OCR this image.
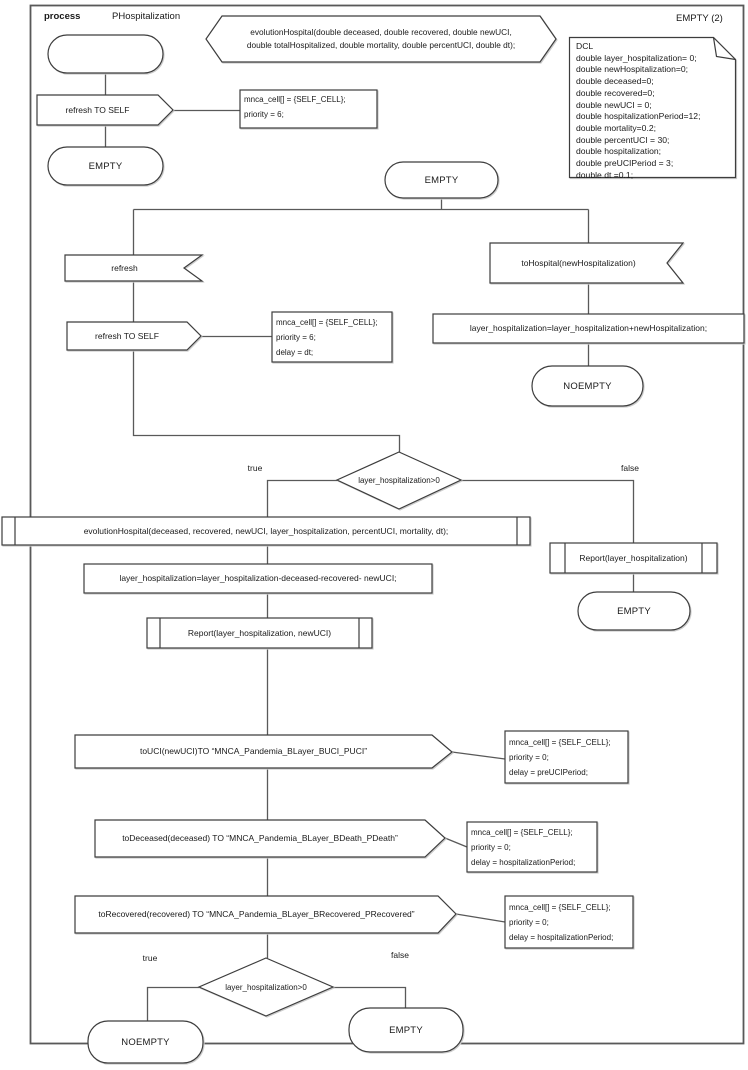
process	PHospitalization	EMPTY (2)
evolutionHospital(double deceased, double recovered, double newUCI,
double totalHospitalized, double mortality, double percentUCI, double dt);	DCL
double layer_hospitalization= 0;
double newHospitalization=0;
double deceased=0;
double recovered=0;
double newUCI = 0;
double hospitalizationPeriod=12;
double mortality=0.2;
double percentUCI = 30;
double hospitalization;
double preUCIPeriod = 3;
double dt =0.1;
refresh TO SELF
mnca_cell[] = {SELF_CELL};
priority = 6;
EMPTY
EMPTY
refresh
refresh TO SELF
mnca_cell[] = {SELF_CELL};
priority = 6;
delay = dt;
toHospital(newHospitalization)
layer_hospitalization=layer_hospitalization+newHospitalization;
NOEMPTY
layer_hospitalization>0
true	false
evolutionHospital(deceased, recovered, newUCI, layer_hospitalization, percentUCI, mortality, dt);
layer_hospitalization=layer_hospitalization-deceased-recovered- newUCI;
Report(layer_hospitalization, newUCI)
Report(layer_hospitalization)
EMPTY
toUCI(newUCI)TO “MNCA_Pandemia_BLayer_BUCI_PUCI”
mnca_cell[] = {SELF_CELL};
priority = 0;
delay = preUCIPeriod;
toDeceased(deceased) TO “MNCA_Pandemia_BLayer_BDeath_PDeath”
mnca_cell[] = {SELF_CELL};
priority = 0;
delay = hospitalizationPeriod;
toRecovered(recovered) TO “MNCA_Pandemia_BLayer_BRecovered_PRecovered”
mnca_cell[] = {SELF_CELL};
priority = 0;
delay = hospitalizationPeriod;
layer_hospitalization>0
true	false
NOEMPTY
EMPTY
